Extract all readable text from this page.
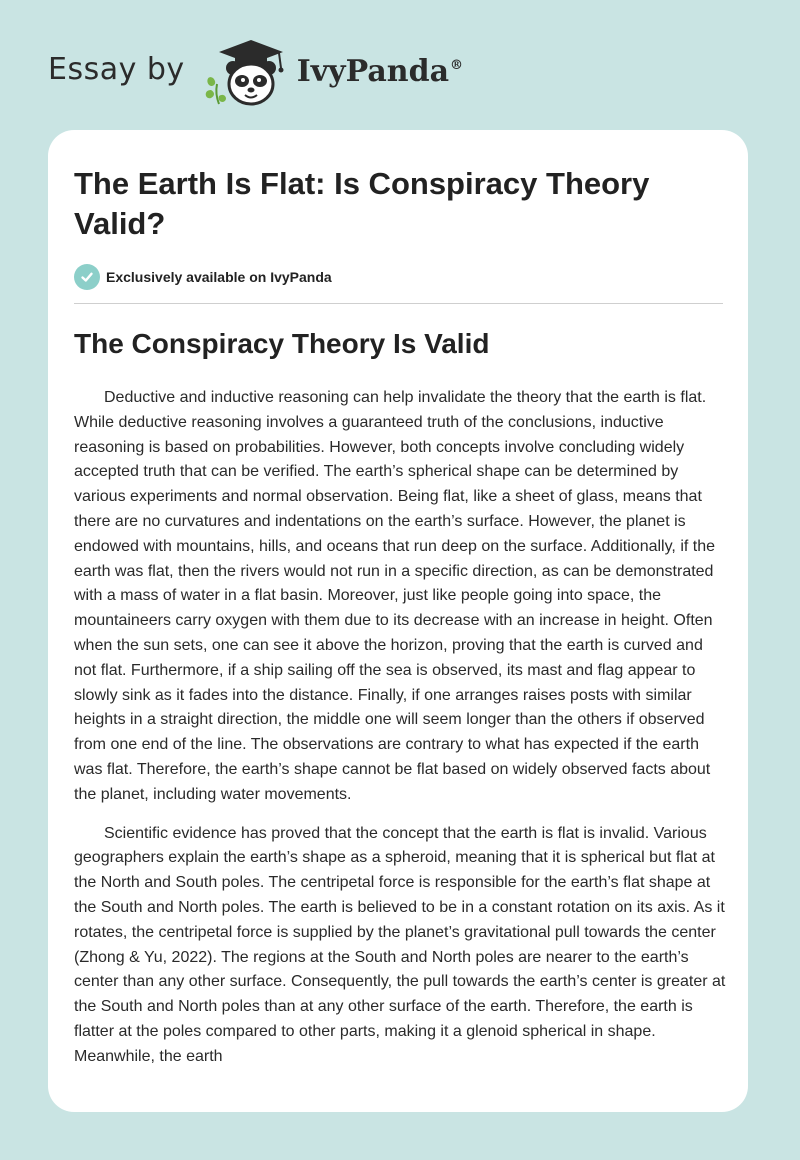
Essay by	IvyPanda®
The Earth Is Flat: Is Conspiracy Theory Valid?
Exclusively available on IvyPanda
The Conspiracy Theory Is Valid

Deductive and inductive reasoning can help invalidate the theory that the earth is flat. While deductive reasoning involves a guaranteed truth of the conclusions, inductive reasoning is based on probabilities. However, both concepts involve concluding widely accepted truth that can be verified. The earth’s spherical shape can be determined by various experiments and normal observation. Being flat, like a sheet of glass, means that there are no curvatures and indentations on the earth’s surface. However, the planet is endowed with mountains, hills, and oceans that run deep on the surface. Additionally, if the earth was flat, then the rivers would not run in a specific direction, as can be demonstrated with a mass of water in a flat basin. Moreover, just like people going into space, the mountaineers carry oxygen with them due to its decrease with an increase in height. Often when the sun sets, one can see it above the horizon, proving that the earth is curved and not flat. Furthermore, if a ship sailing off the sea is observed, its mast and flag appear to slowly sink as it fades into the distance. Finally, if one arranges raises posts with similar heights in a straight direction, the middle one will seem longer than the others if observed from one end of the line. The observations are contrary to what has expected if the earth was flat. Therefore, the earth’s shape cannot be flat based on widely observed facts about the planet, including water movements.

Scientific evidence has proved that the concept that the earth is flat is invalid. Various geographers explain the earth’s shape as a spheroid, meaning that it is spherical but flat at the North and South poles. The centripetal force is responsible for the earth’s flat shape at the South and North poles. The earth is believed to be in a constant rotation on its axis. As it rotates, the centripetal force is supplied by the planet’s gravitational pull towards the center (Zhong & Yu, 2022). The regions at the South and North poles are nearer to the earth’s center than any other surface. Consequently, the pull towards the earth’s center is greater at the South and North poles than at any other surface of the earth. Therefore, the earth is flatter at the poles compared to other parts, making it a glenoid spherical in shape. Meanwhile, the earth
